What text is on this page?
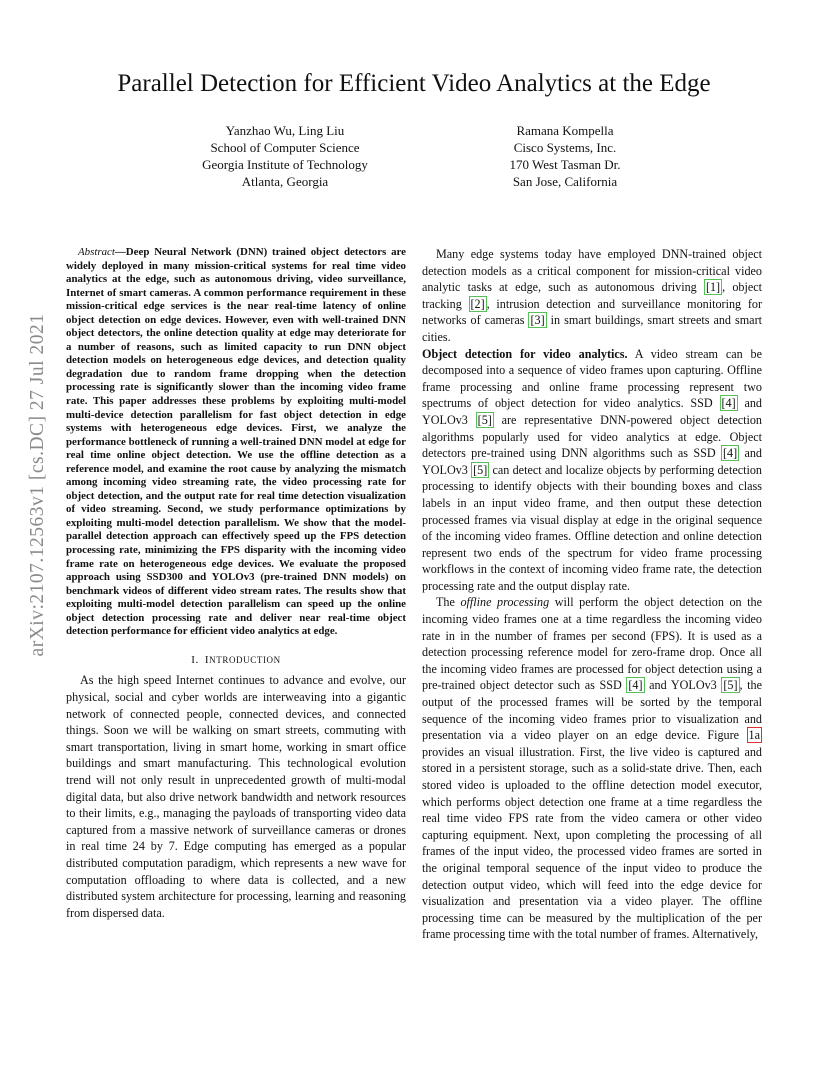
arXiv:2107.12563v1 [cs.DC] 27 Jul 2021
Parallel Detection for Efficient Video Analytics at the Edge
Yanzhao Wu, Ling Liu
School of Computer Science
Georgia Institute of Technology
Atlanta, Georgia
Ramana Kompella
Cisco Systems, Inc.
170 West Tasman Dr.
San Jose, California

Abstract—Deep Neural Network (DNN) trained object detectors are widely deployed in many mission-critical systems for real time video analytics at the edge, such as autonomous driving, video surveillance, Internet of smart cameras. A common performance requirement in these mission-critical edge services is the near real-time latency of online object detection on edge devices. However, even with well-trained DNN object detectors, the online detection quality at edge may deteriorate for a number of reasons, such as limited capacity to run DNN object detection models on heterogeneous edge devices, and detection quality degradation due to random frame dropping when the detection processing rate is significantly slower than the incoming video frame rate. This paper addresses these problems by exploiting multi-model multi-device detection parallelism for fast object detection in edge systems with heterogeneous edge devices. First, we analyze the performance bottleneck of running a well-trained DNN model at edge for real time online object detection. We use the offline detection as a reference model, and examine the root cause by analyzing the mismatch among incoming video streaming rate, the video processing rate for object detection, and the output rate for real time detection visualization of video streaming. Second, we study performance optimizations by exploiting multi-model detection parallelism. We show that the model-parallel detection approach can effectively speed up the FPS detection processing rate, minimizing the FPS disparity with the incoming video frame rate on heterogeneous edge devices. We evaluate the proposed approach using SSD300 and YOLOv3 (pre-trained DNN models) on benchmark videos of different video stream rates. The results show that exploiting multi-model detection parallelism can speed up the online object detection processing rate and deliver near real-time object detection performance for efficient video analytics at edge.

I. INTRODUCTION

As the high speed Internet continues to advance and evolve, our physical, social and cyber worlds are interweaving into a gigantic network of connected people, connected devices, and connected things. Soon we will be walking on smart streets, commuting with smart transportation, living in smart home, working in smart office buildings and smart manufacturing. This technological evolution trend will not only result in unprecedented growth of multi-modal digital data, but also drive network bandwidth and network resources to their limits, e.g., managing the payloads of transporting video data captured from a massive network of surveillance cameras or drones in real time 24 by 7. Edge computing has emerged as a popular distributed computation paradigm, which represents a new wave for computation offloading to where data is collected, and a new distributed system architecture for processing, learning and reasoning from dispersed data.

Many edge systems today have employed DNN-trained object detection models as a critical component for mission-critical video analytic tasks at edge, such as autonomous driving [1] , object tracking [2] , intrusion detection and surveillance monitoring for networks of cameras [3] in smart buildings, smart streets and smart cities.

Object detection for video analytics. A video stream can be decomposed into a sequence of video frames upon capturing. Offline frame processing and online frame processing represent two spectrums of object detection for video analytics. SSD [4] and YOLOv3 [5] are representative DNN-powered object detection algorithms popularly used for video analytics at edge. Object detectors pre-trained using DNN algorithms such as SSD [4] and YOLOv3 [5] can detect and localize objects by performing detection processing to identify objects with their bounding boxes and class labels in an input video frame, and then output these detection processed frames via visual display at edge in the original sequence of the incoming video frames. Offline detection and online detection represent two ends of the spectrum for video frame processing workflows in the context of incoming video frame rate, the detection processing rate and the output display rate.

The offline processing will perform the object detection on the incoming video frames one at a time regardless the incoming video rate in in the number of frames per second (FPS). It is used as a detection processing reference model for zero-frame drop. Once all the incoming video frames are processed for object detection using a pre-trained object detector such as SSD [4] and YOLOv3 [5] , the output of the processed frames will be sorted by the temporal sequence of the incoming video frames prior to visualization and presentation via a video player on an edge device. Figure 1a provides an visual illustration. First, the live video is captured and stored in a persistent storage, such as a solid-state drive. Then, each stored video is uploaded to the offline detection model executor, which performs object detection one frame at a time regardless the real time video FPS rate from the video camera or other video capturing equipment. Next, upon completing the processing of all frames of the input video, the processed video frames are sorted in the original temporal sequence of the input video to produce the detection output video, which will feed into the edge device for visualization and presentation via a video player. The offline processing time can be measured by the multiplication of the per frame processing time with the total number of frames. Alternatively,
